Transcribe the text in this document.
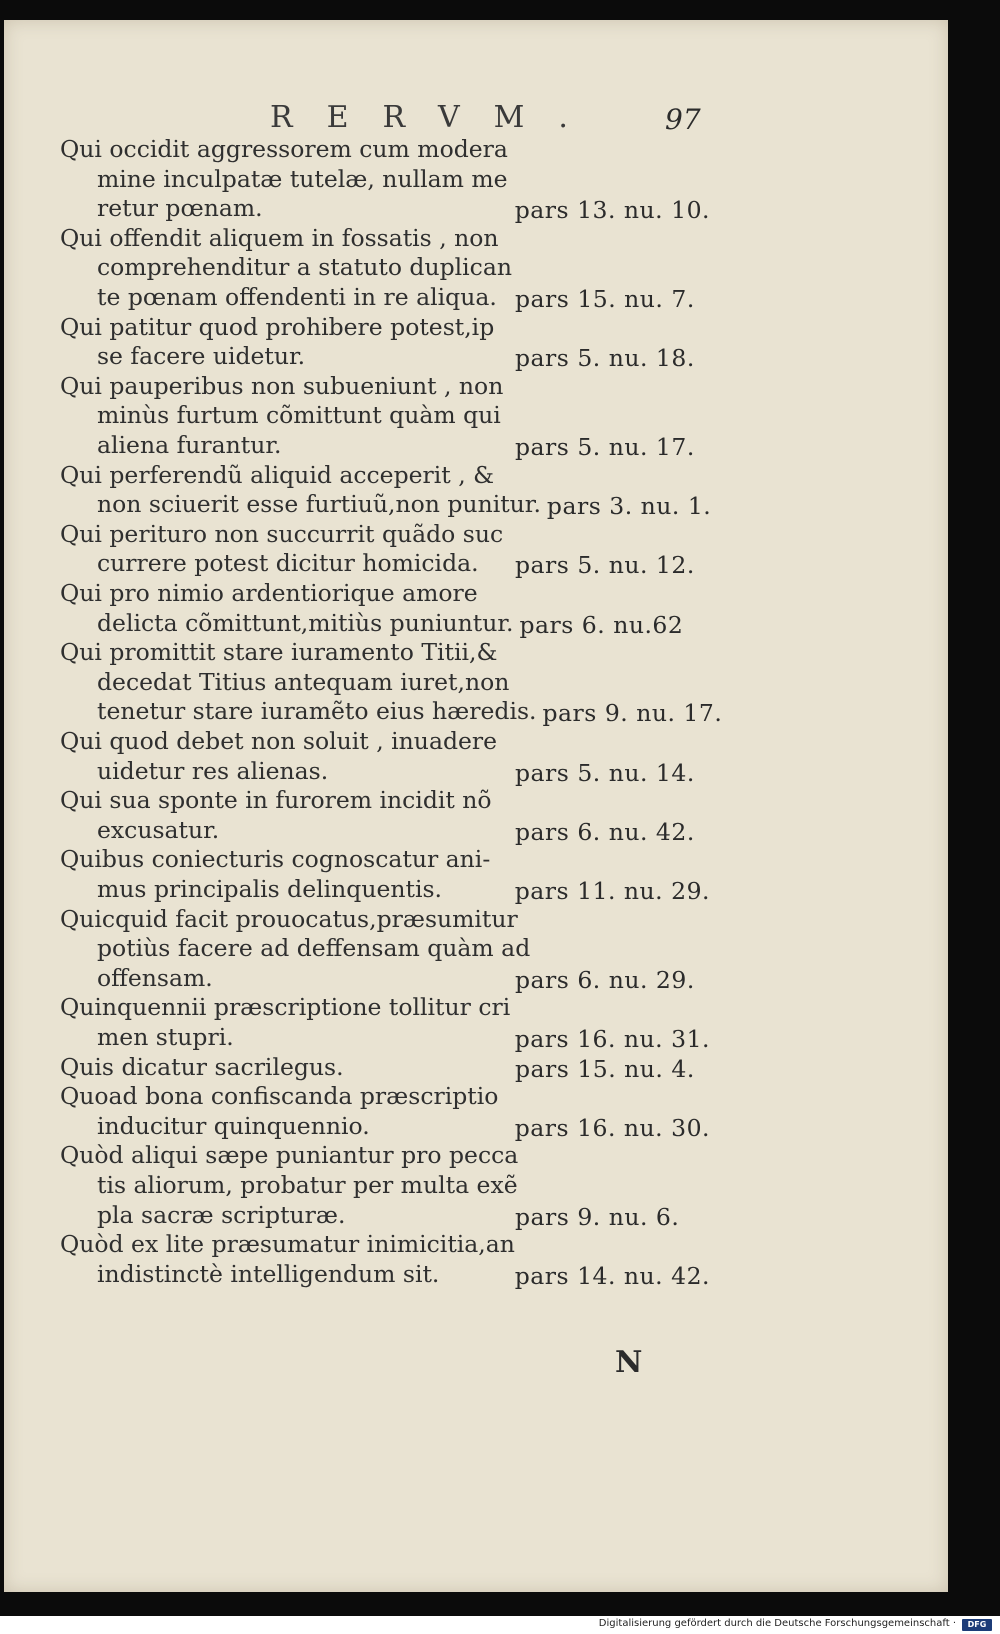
RERVM. 97
Qui occidit aggressorem cum modera
mine inculpatæ tutelæ, nullam me
retur pœnam.	pars 13. nu. 10.
Qui offendit aliquem in fossatis , non
comprehenditur a statuto duplican
te pœnam offendenti in re aliqua. pars 15. nu. 7.
Qui patitur quod prohibere potest,ip
se facere uidetur.	pars 5. nu. 18.
Qui pauperibus non subueniunt , non
minùs furtum cõmittunt quàm qui
aliena furantur.	pars 5. nu. 17.
Qui perferendũ aliquid acceperit , &
non sciuerit esse furtiuũ,non punitur. pars 3. nu. 1.
Qui perituro non succurrit quãdo suc
currere potest dicitur homicida. pars 5. nu. 12.
Qui pro nimio ardentiorique amore
delicta cõmittunt,mitiùs puniuntur. pars 6. nu.62
Qui promittit stare iuramento Titii,&
decedat Titius antequam iuret,non
tenetur stare iuramẽto eius hæredis. pars 9. nu. 17.
Qui quod debet non soluit , inuadere
uidetur res alienas.	pars 5. nu. 14.
Qui sua sponte in furorem incidit nõ
excusatur.	pars 6. nu. 42.
Quibus coniecturis cognoscatur ani-
mus principalis delinquentis.	pars 11. nu. 29.
Quicquid facit prouocatus,præsumitur
potiùs facere ad deffensam quàm ad
offensam.	pars 6. nu. 29.
Quinquennii præscriptione tollitur cri
men stupri.	pars 16. nu. 31.
Quis dicatur sacrilegus.	pars 15. nu. 4.
Quoad bona confiscanda præscriptio
inducitur quinquennio.	pars 16. nu. 30.
Quòd aliqui sæpe puniantur pro pecca
tis aliorum, probatur per multa exẽ
pla sacræ scripturæ.	pars 9. nu. 6.
Quòd ex lite præsumatur inimicitia,an
indistinctè intelligendum sit.	pars 14. nu. 42.
N
Digitalisierung gefördert durch die Deutsche Forschungsgemeinschaft ·	DFG
